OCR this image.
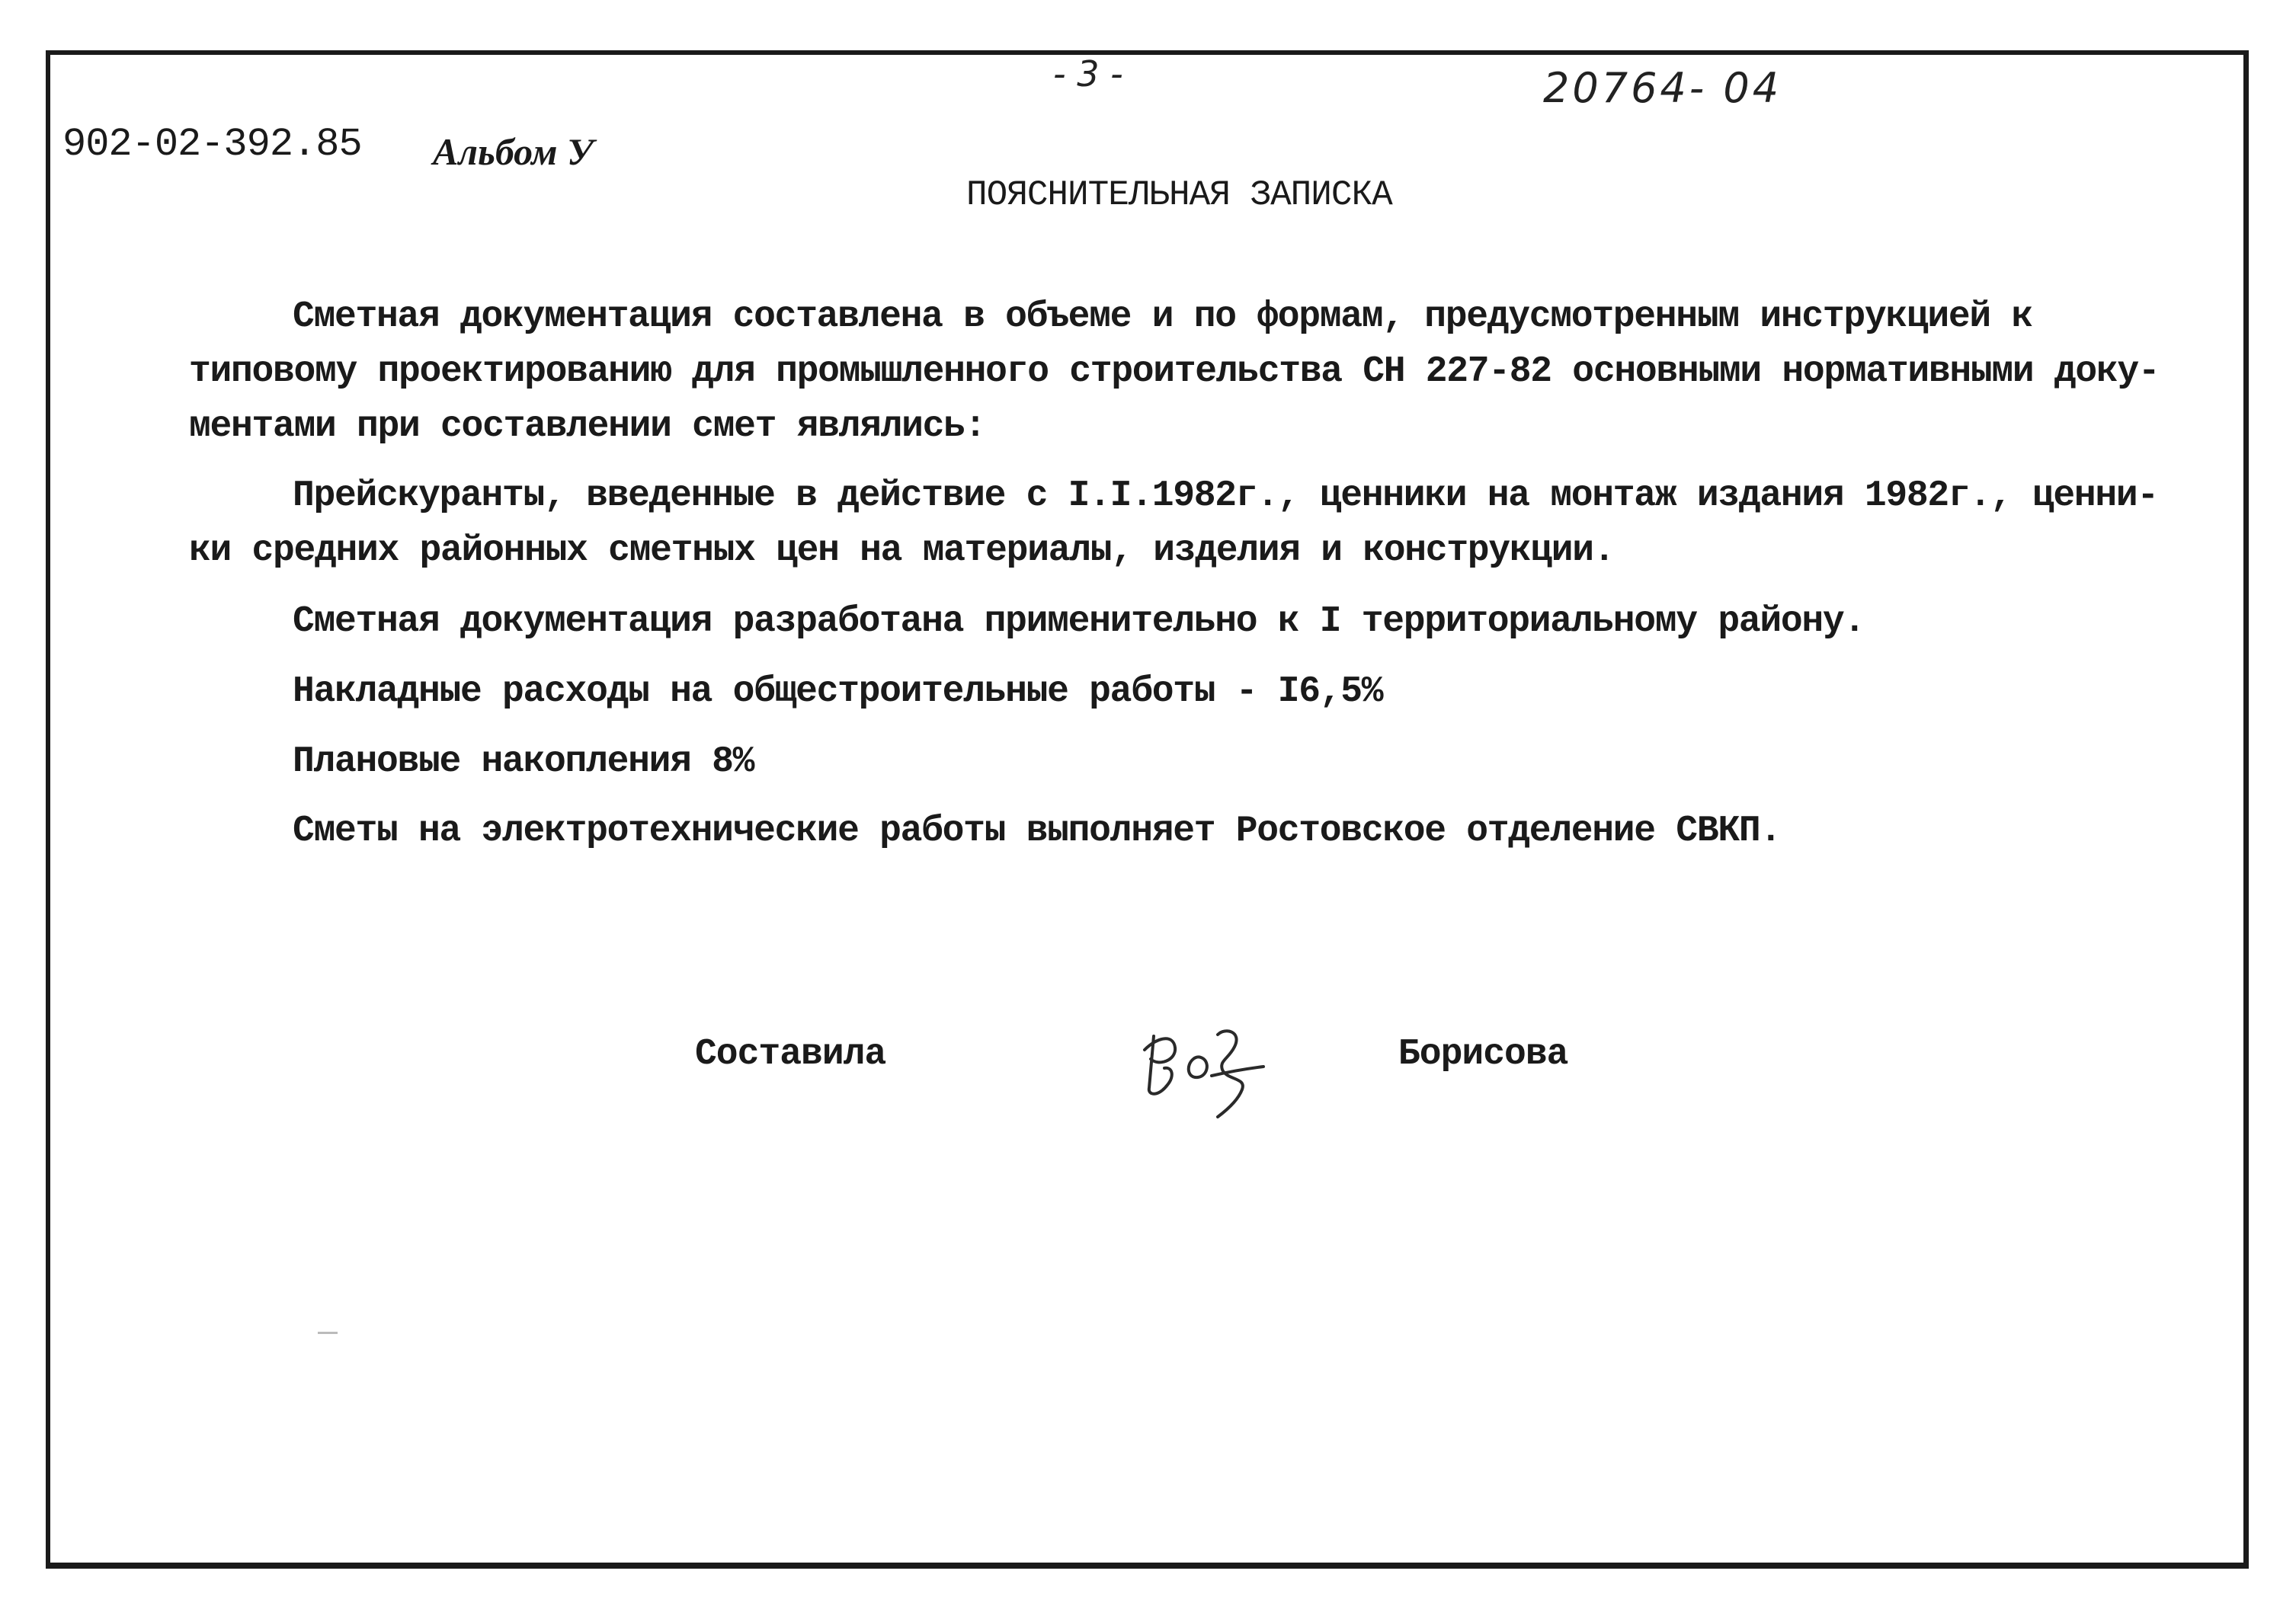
- 3 -	20764- 04
902-02-392.85 Альбом У
ПОЯСНИТЕЛЬНАЯ ЗАПИСКА
Сметная документация составлена в объеме и по формам, предусмотренным инструкцией к
типовому проектированию для промышленного строительства СН 227-82 основными нормативными доку-
ментами при составлении смет являлись:
Прейскуранты, введенные в действие с I.I.1982г., ценники на монтаж издания 1982г., ценни-
ки средних районных сметных цен на материалы, изделия и конструкции.
Сметная документация разработана применительно к I территориальному району.
Накладные расходы на общестроительные работы - I6,5%
Плановые накопления 8%
Сметы на электротехнические работы выполняет Ростовское отделение СВКП.
Составила	Борисова
